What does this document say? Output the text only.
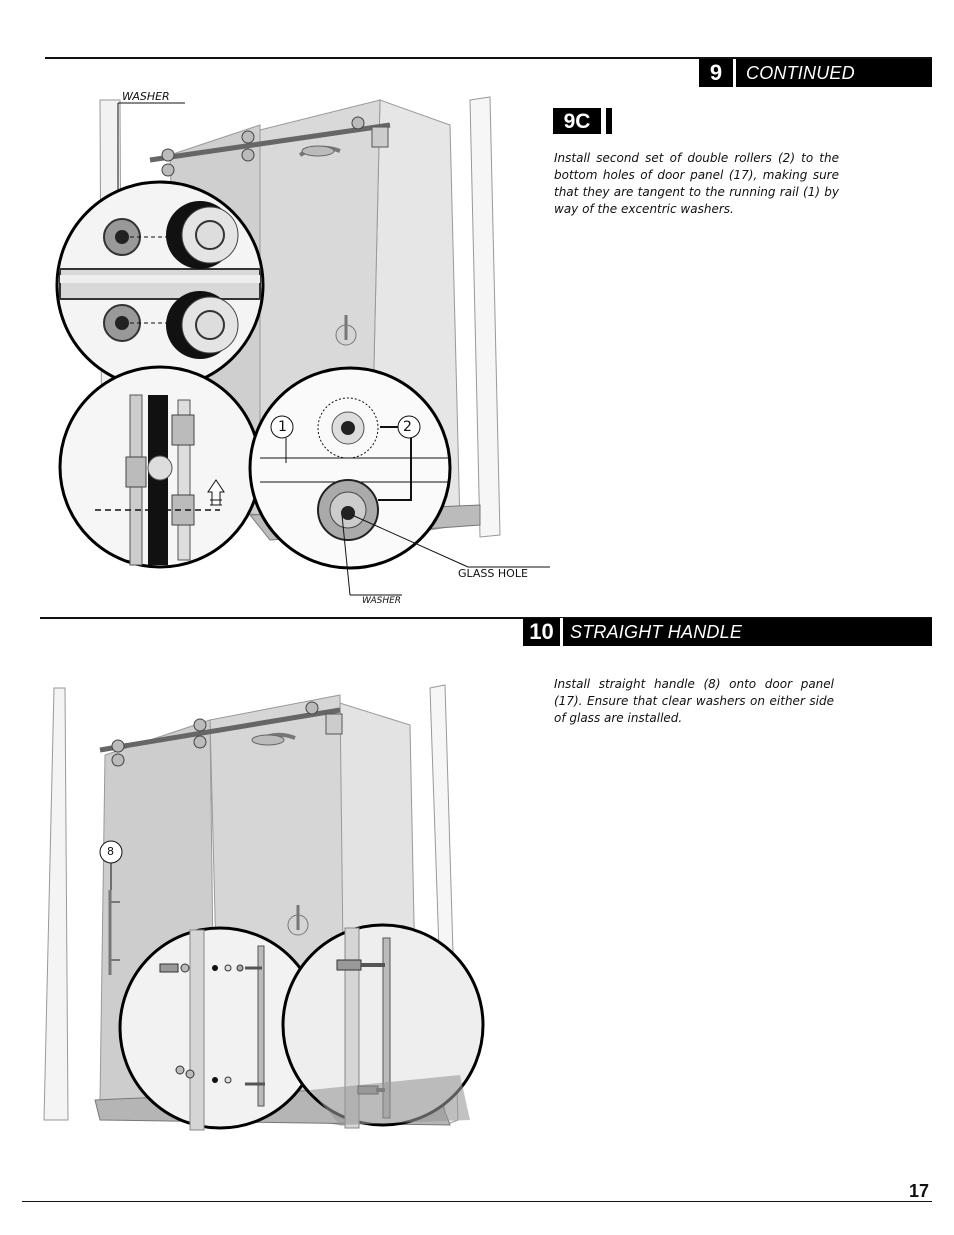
9	CONTINUED
9C
Install second set of double rollers (2) to the bottom holes of door panel (17), making sure that they are tangent to the running rail (1) by way of the excentric washers.
WASHER
1	2
GLASS HOLE
WASHER
10 STRAIGHT HANDLE
Install straight handle (8) onto door panel (17). Ensure that clear washers on either side of glass are installed.
8
17
